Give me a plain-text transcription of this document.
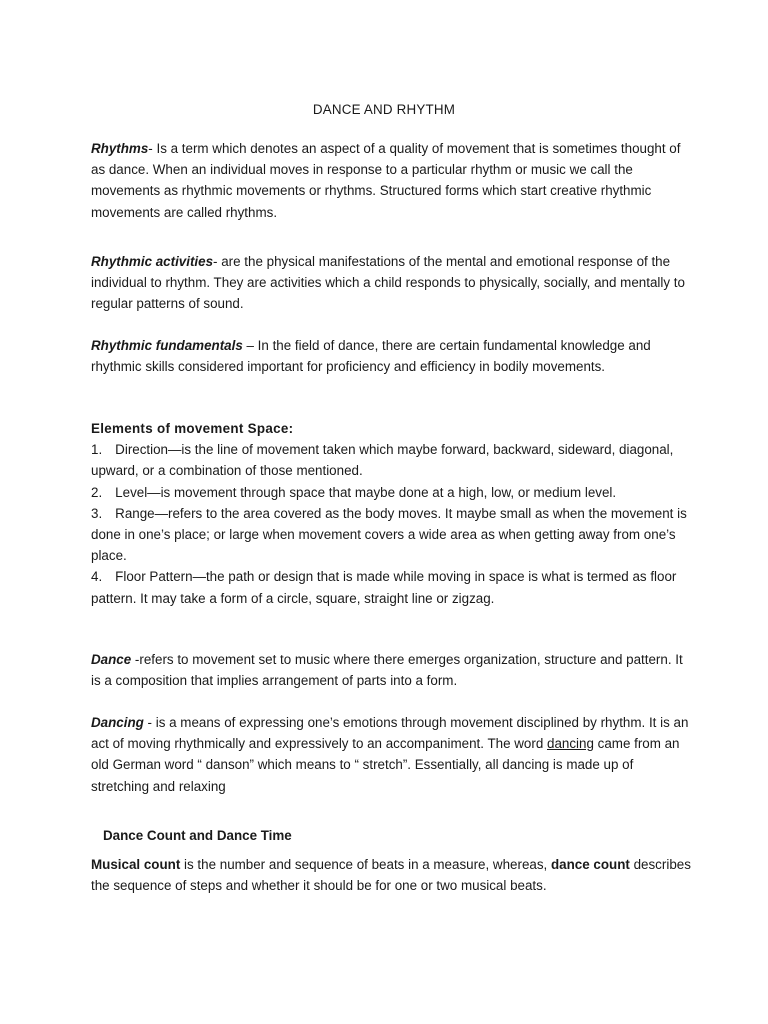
DANCE AND RHYTHM

Rhythms- Is a term which denotes an aspect of a quality of movement that is sometimes thought of as dance. When an individual moves in response to a particular rhythm or music we call the movements as rhythmic movements or rhythms. Structured forms which start creative rhythmic movements are called rhythms.

Rhythmic activities- are the physical manifestations of the mental and emotional response of the individual to rhythm. They are activities which a child responds to physically, socially, and mentally to regular patterns of sound.

Rhythmic fundamentals – In the field of dance, there are certain fundamental knowledge and rhythmic skills considered important for proficiency and efficiency in bodily movements.

Elements of movement Space:
1. Direction—is the line of movement taken which maybe forward, backward, sideward, diagonal, upward, or a combination of those mentioned.
2. Level—is movement through space that maybe done at a high, low, or medium level.
3. Range—refers to the area covered as the body moves. It maybe small as when the movement is done in one’s place; or large when movement covers a wide area as when getting away from one’s place.
4. Floor Pattern—the path or design that is made while moving in space is what is termed as floor pattern. It may take a form of a circle, square, straight line or zigzag.

Dance -refers to movement set to music where there emerges organization, structure and pattern. It is a composition that implies arrangement of parts into a form.

Dancing - is a means of expressing one’s emotions through movement disciplined by rhythm. It is an act of moving rhythmically and expressively to an accompaniment. The word dancing came from an old German word “ danson” which means to “ stretch”. Essentially, all dancing is made up of stretching and relaxing

Dance Count and Dance Time

Musical count is the number and sequence of beats in a measure, whereas, dance count describes the sequence of steps and whether it should be for one or two musical beats.
